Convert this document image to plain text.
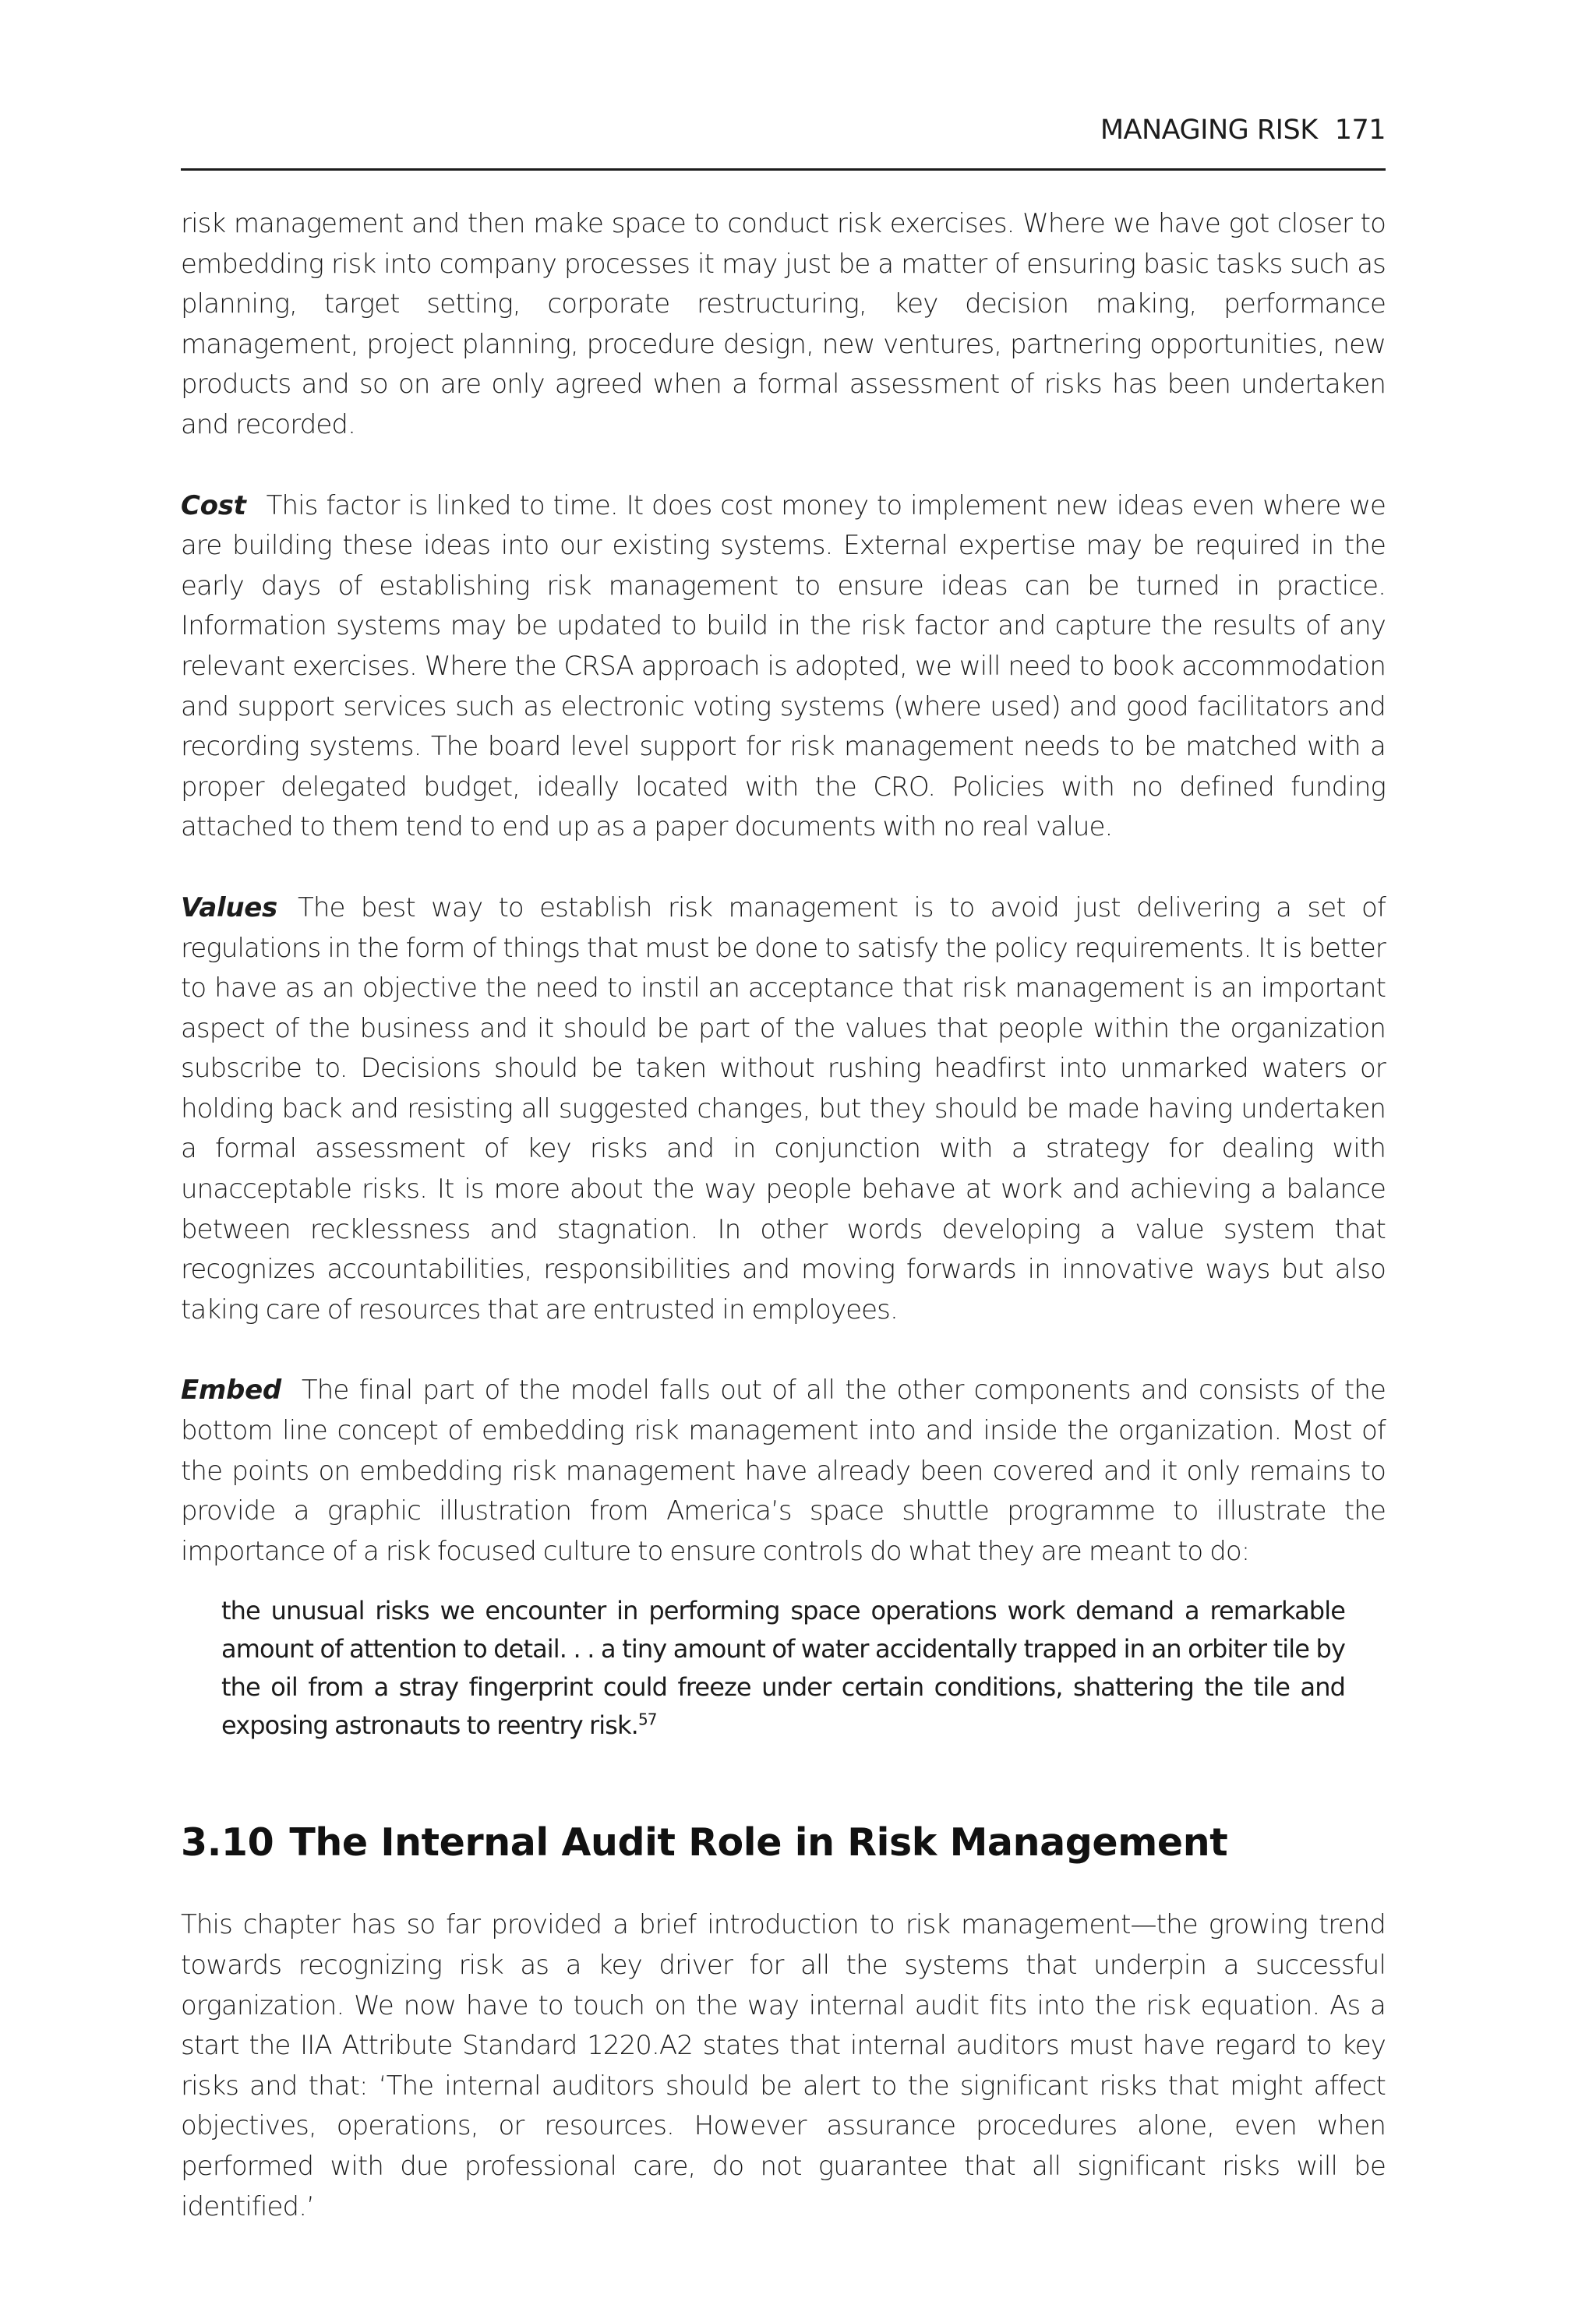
MANAGING RISK 171

risk management and then make space to conduct risk exercises. Where we have got closer to embedding risk into company processes it may just be a matter of ensuring basic tasks such as planning, target setting, corporate restructuring, key decision making, performance management, project planning, procedure design, new ventures, partnering opportunities, new products and so on are only agreed when a formal assessment of risks has been undertaken and recorded.

Cost This factor is linked to time. It does cost money to implement new ideas even where we are building these ideas into our existing systems. External expertise may be required in the early days of establishing risk management to ensure ideas can be turned in practice. Information systems may be updated to build in the risk factor and capture the results of any relevant exercises. Where the CRSA approach is adopted, we will need to book accommodation and support services such as electronic voting systems (where used) and good facilitators and recording systems. The board level support for risk management needs to be matched with a proper delegated budget, ideally located with the CRO. Policies with no defined funding attached to them tend to end up as a paper documents with no real value.

Values The best way to establish risk management is to avoid just delivering a set of regulations in the form of things that must be done to satisfy the policy requirements. It is better to have as an objective the need to instil an acceptance that risk management is an important aspect of the business and it should be part of the values that people within the organization subscribe to. Decisions should be taken without rushing headfirst into unmarked waters or holding back and resisting all suggested changes, but they should be made having undertaken a formal assessment of key risks and in conjunction with a strategy for dealing with unacceptable risks. It is more about the way people behave at work and achieving a balance between recklessness and stagnation. In other words developing a value system that recognizes accountabilities, responsibilities and moving forwards in innovative ways but also taking care of resources that are entrusted in employees.

Embed The final part of the model falls out of all the other components and consists of the bottom line concept of embedding risk management into and inside the organization. Most of the points on embedding risk management have already been covered and it only remains to provide a graphic illustration from America’s space shuttle programme to illustrate the importance of a risk focused culture to ensure controls do what they are meant to do:

the unusual risks we encounter in performing space operations work demand a remarkable amount of attention to detail. . . a tiny amount of water accidentally trapped in an orbiter tile by the oil from a stray fingerprint could freeze under certain conditions, shattering the tile and exposing astronauts to reentry risk.$^{57}$

3.10 The Internal Audit Role in Risk Management

This chapter has so far provided a brief introduction to risk management—the growing trend towards recognizing risk as a key driver for all the systems that underpin a successful organization. We now have to touch on the way internal audit fits into the risk equation. As a start the IIA Attribute Standard 1220.A2 states that internal auditors must have regard to key risks and that: ‘The internal auditors should be alert to the significant risks that might affect objectives, operations, or resources. However assurance procedures alone, even when performed with due professional care, do not guarantee that all significant risks will be identified.’
